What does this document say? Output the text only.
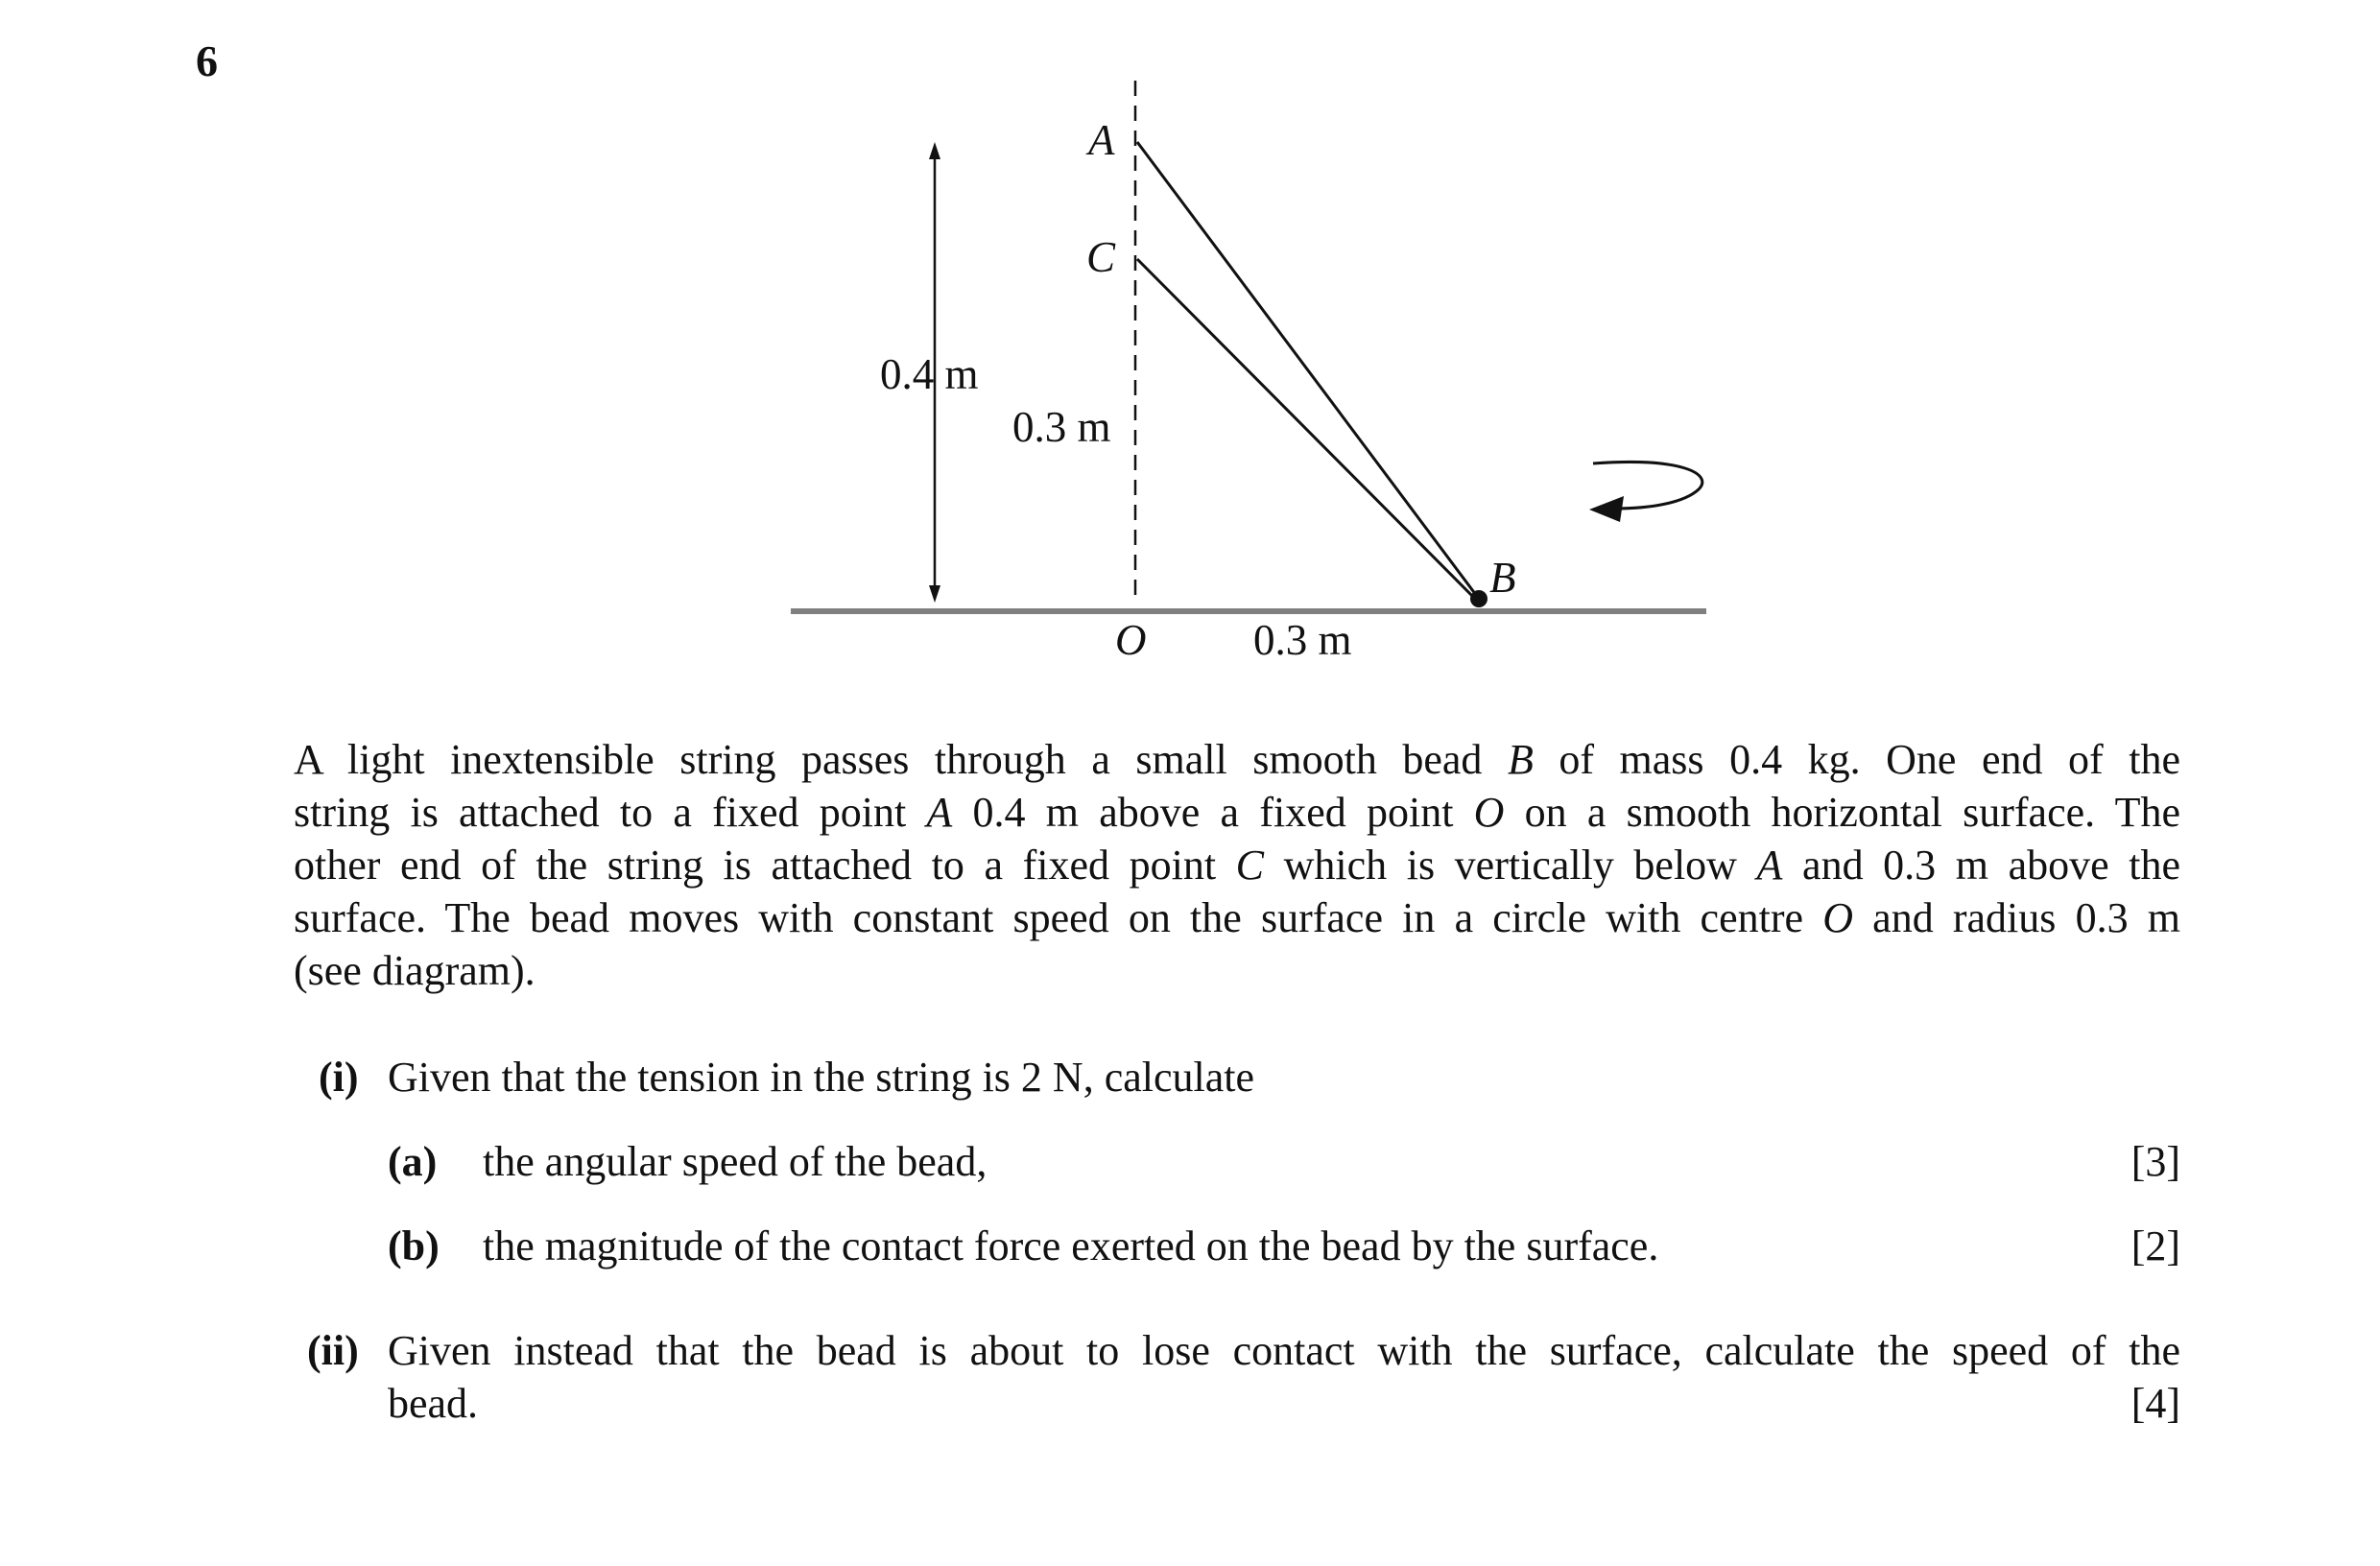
6
A
C
B
O
0.4 m
0.3 m
0.3 m
A light inextensible string passes through a small smooth bead B of mass 0.4 kg. One end of the
string is attached to a fixed point A 0.4 m above a fixed point O on a smooth horizontal surface. The
other end of the string is attached to a fixed point C which is vertically below A and 0.3 m above the
surface. The bead moves with constant speed on the surface in a circle with centre O and radius 0.3 m
(see diagram).
(i) Given that the tension in the string is 2 N, calculate
(a) the angular speed of the bead,	[3]
(b) the magnitude of the contact force exerted on the bead by the surface.	[2]
(ii) Given instead that the bead is about to lose contact with the surface, calculate the speed of the
bead.	[4]
